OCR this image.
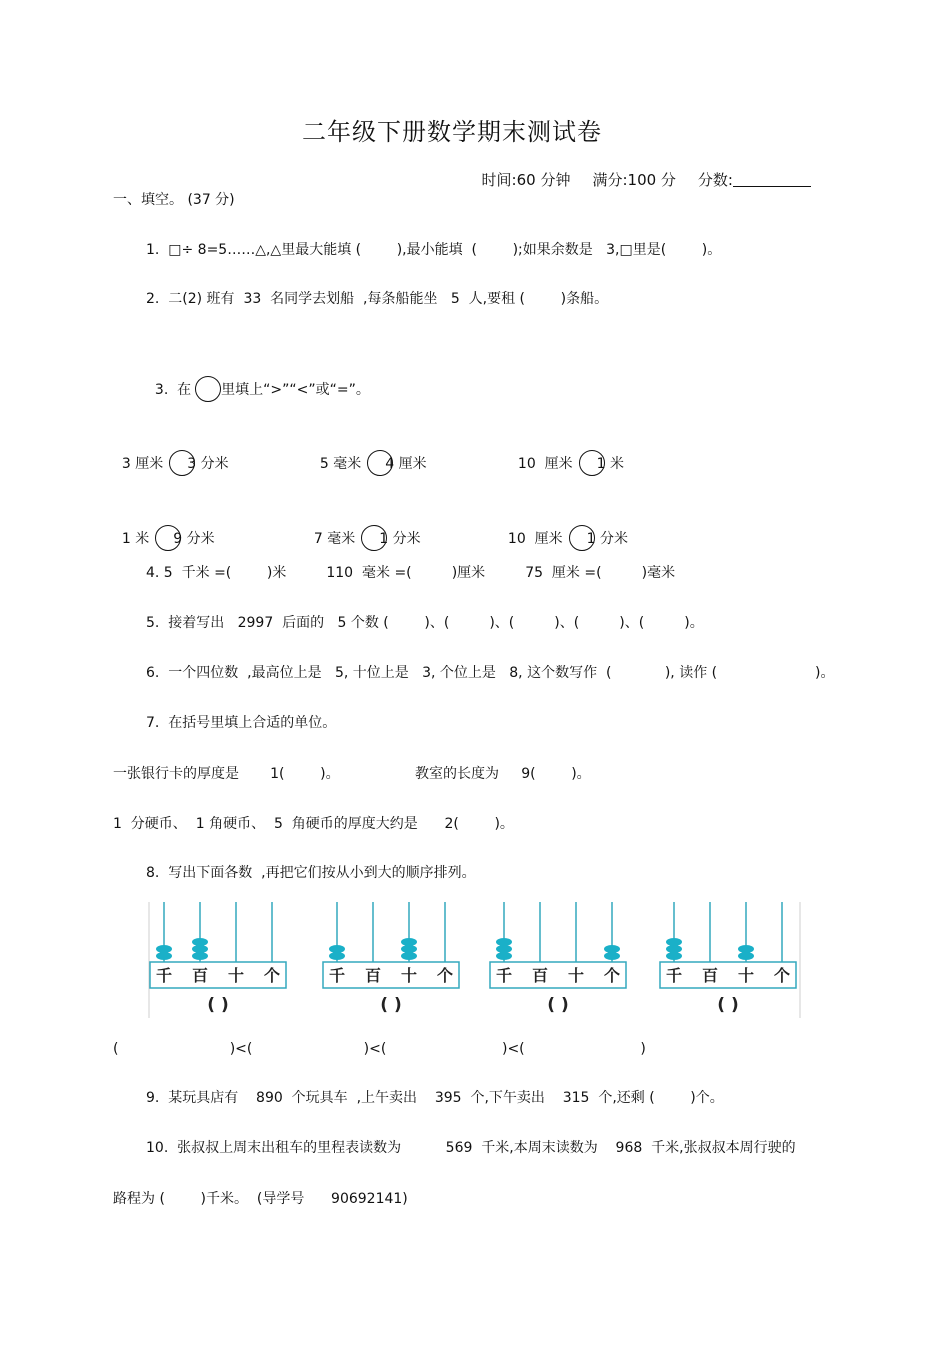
二年级下册数学期末测试卷

时间:60 分钟 满分:100 分 分数:

一、填空。 (37 分)
1.  □÷ 8=5……△,△里最大能填 (        ),最小能填  (        );如果余数是   3,□里是(        )。
2.  二(2) 班有  33  名同学去划船  ,每条船能坐   5  人,要租 (        )条船。

3.  在 里填上“>”“<”或“=”。

3 厘米 3 分米	5 毫米 4 厘米	10  厘米 1 米

1 米 9 分米	7 毫米 1 分米	10  厘米 1 分米

4. 5  千米 =(        )米         110  毫米 =(         )厘米         75  厘米 =(         )毫米
5.  接着写出   2997  后面的   5 个数 (        )、(         )、(         )、(         )、(         )。
6.  一个四位数  ,最高位上是   5, 十位上是   3, 个位上是   8, 这个数写作  (            ), 读作 (                      )。
7.  在括号里填上合适的单位。
一张银行卡的厚度是       1(        )。	教室的长度为     9(        )。
1  分硬币、  1 角硬币、  5  角硬币的厚度大约是      2(        )。
8.  写出下面各数  ,再把它们按从小到大的顺序排列。
千 百 十 个
( )
千 百 十 个
( )
千 百 十 个
( )
千 百 十 个
( )
(                         )<(                         )<(                          )<(                          )
9.  某玩具店有    890  个玩具车  ,上午卖出    395  个,下午卖出    315  个,还剩 (        )个。
10.  张叔叔上周末出租车的里程表读数为          569  千米,本周末读数为    968  千米,张叔叔本周行驶的
路程为 (        )千米。  (导学号      90692141)
